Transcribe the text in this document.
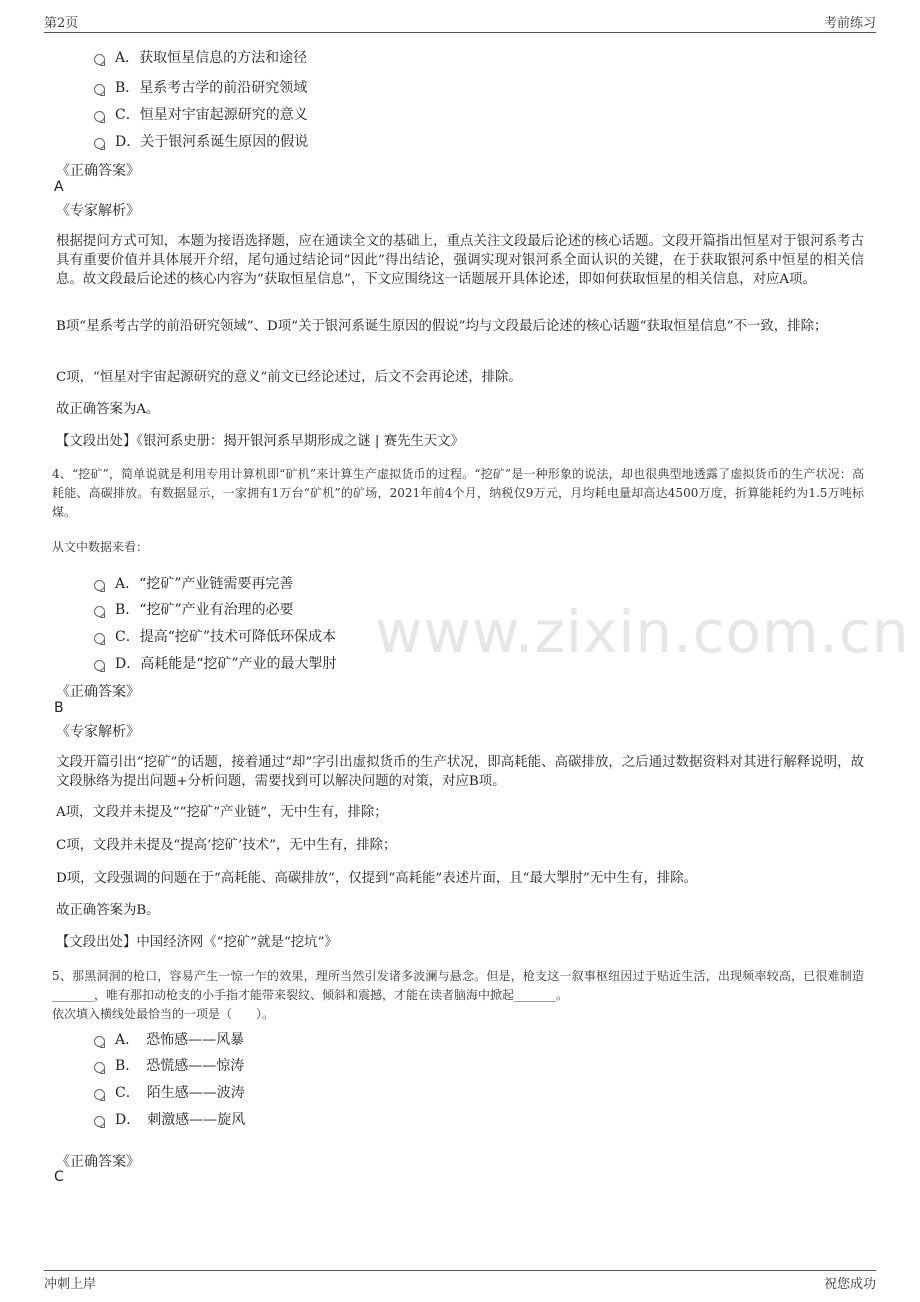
第2页	考前练习
www.zixin.com.cn
A．获取恒星信息的方法和途径
B．星系考古学的前沿研究领域
C．恒星对宇宙起源研究的意义
D．关于银河系诞生原因的假说
《正确答案》
A
《专家解析》
根据提问方式可知，本题为接语选择题，应在通读全文的基础上，重点关注文段最后论述的核心话题。文段开篇指出恒星对于银河系考古具有重要价值并具体展开介绍，尾句通过结论词“因此”得出结论，强调实现对银河系全面认识的关键，在于获取银河系中恒星的相关信息。故文段最后论述的核心内容为“获取恒星信息”，下文应围绕这一话题展开具体论述，即如何获取恒星的相关信息，对应A项。
B项“星系考古学的前沿研究领域”、D项“关于银河系诞生原因的假说”均与文段最后论述的核心话题“获取恒星信息”不一致，排除；
C项，“恒星对宇宙起源研究的意义”前文已经论述过，后文不会再论述，排除。
故正确答案为A。
【文段出处】《银河系史册：揭开银河系早期形成之谜 | 赛先生天文》
4、“挖矿”，简单说就是利用专用计算机即“矿机”来计算生产虚拟货币的过程。“挖矿”是一种形象的说法，却也很典型地透露了虚拟货币的生产状况：高耗能、高碳排放。有数据显示，一家拥有1万台“矿机”的矿场，2021年前4个月，纳税仅9万元，月均耗电量却高达4500万度，折算能耗约为1.5万吨标煤。
从文中数据来看：
A．“挖矿”产业链需要再完善
B．“挖矿”产业有治理的必要
C．提高“挖矿”技术可降低环保成本
D．高耗能是“挖矿”产业的最大掣肘
《正确答案》
B
《专家解析》
文段开篇引出“挖矿”的话题，接着通过“却”字引出虚拟货币的生产状况，即高耗能、高碳排放，之后通过数据资料对其进行解释说明，故文段脉络为提出问题+分析问题，需要找到可以解决问题的对策，对应B项。
A项，文段并未提及““挖矿”产业链”，无中生有，排除；
C项，文段并未提及“提高‘挖矿’技术”，无中生有，排除；
D项，文段强调的问题在于“高耗能、高碳排放”，仅提到“高耗能”表述片面，且“最大掣肘”无中生有，排除。
故正确答案为B。
【文段出处】中国经济网《“挖矿”就是“挖坑”》
5、那黑洞洞的枪口，容易产生一惊一乍的效果，理所当然引发诸多波澜与悬念。但是，枪支这一叙事枢纽因过于贴近生活，出现频率较高，已很难制造_______，唯有那扣动枪支的小手指才能带来裂纹、倾斜和震撼，才能在读者脑海中掀起_______。
依次填入横线处最恰当的一项是（　　）。
A．　恐怖感——风暴
B．　恐慌感——惊涛
C．　陌生感——波涛
D．　刺激感——旋风
《正确答案》
C
冲刺上岸	祝您成功
